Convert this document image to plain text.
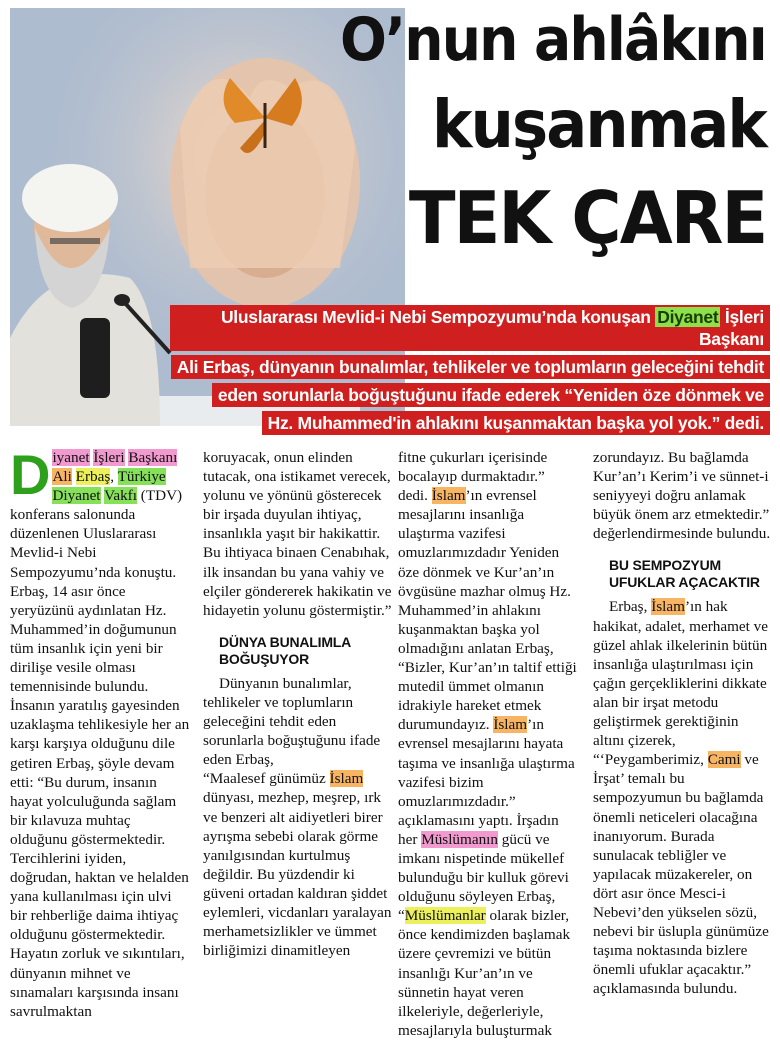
O’nun ahlâkını
kuşanmak
TEK ÇARE
Uluslararası Mevlid-i Nebi Sempozyumu’nda konuşan Diyanet İşleri Başkanı
Ali Erbaş, dünyanın bunalımlar, tehlikeler ve toplumların geleceğini tehdit
eden sorunlarla boğuştuğunu ifade ederek “Yeniden öze dönmek ve
Hz. Muhammed'in ahlakını kuşanmaktan başka yol yok.” dedi.

Diyanet İşleri Başkanı Ali Erbaş, Türkiye Diyanet Vakfı (TDV) konferans salonunda düzenlenen Uluslararası Mevlid-i Nebi Sempozyumu’nda konuştu. Erbaş, 14 asır önce yeryüzünü aydınlatan Hz. Muhammed’in doğumunun tüm insanlık için yeni bir dirilişe vesile olması temennisinde bulundu. İnsanın yaratılış gayesinden uzaklaşma tehlikesiyle her an karşı karşıya olduğunu dile getiren Erbaş, şöyle devam etti: “Bu durum, insanın hayat yolculuğunda sağlam bir kılavuza muhtaç olduğunu göstermektedir. Tercihlerini iyiden, doğrudan, haktan ve helalden yana kullanılması için ulvi bir rehberliğe daima ihtiyaç olduğunu göstermektedir. Hayatın zorluk ve sıkıntıları, dünyanın mihnet ve sınamaları karşısında insanı savrulmaktan

koruyacak, onun elinden tutacak, ona istikamet verecek, yolunu ve yönünü gösterecek bir irşada duyulan ihtiyaç, insanlıkla yaşıt bir hakikattir. Bu ihtiyaca binaen Cenabıhak, ilk insandan bu yana vahiy ve elçiler göndererek hakikatin ve hidayetin yolunu göstermiştir.”

DÜNYA BUNALIMLA
BOĞUŞUYOR

Dünyanın bunalımlar, tehlikeler ve toplumların geleceğini tehdit eden sorunlarla boğuştuğunu ifade eden Erbaş,

“Maalesef günümüz İslam dünyası, mezhep, meşrep, ırk ve benzeri alt aidiyetleri birer ayrışma sebebi olarak görme yanılgısından kurtulmuş değildir. Bu yüzdendir ki güveni ortadan kaldıran şiddet eylemleri, vicdanları yaralayan merhametsizlikler ve ümmet birliğimizi dinamitleyen

fitne çukurları içerisinde bocalayıp durmaktadır.” dedi. İslam’ın evrensel mesajlarını insanlığa ulaştırma vazifesi omuzlarımızdadır Yeniden öze dönmek ve Kur’an’ın övgüsüne mazhar olmuş Hz. Muhammed’in ahlakını kuşanmaktan başka yol olmadığını anlatan Erbaş, “Bizler, Kur’an’ın taltif ettiği mutedil ümmet olmanın idrakiyle hareket etmek durumundayız. İslam’ın evrensel mesajlarını hayata taşıma ve insanlığa ulaştırma vazifesi bizim omuzlarımızdadır.” açıklamasını yaptı. İrşadın her Müslümanın gücü ve imkanı nispetinde mükellef bulunduğu bir kulluk görevi olduğunu söyleyen Erbaş, “Müslümanlar olarak bizler, önce kendimizden başlamak üzere çevremizi ve bütün insanlığı Kur’an’ın ve sünnetin hayat veren ilkeleriyle, değerleriyle, mesajlarıyla buluşturmak

zorundayız. Bu bağlamda Kur’an’ı Kerim’i ve sünnet-i seniyyeyi doğru anlamak büyük önem arz etmektedir.” değerlendirmesinde bulundu.

BU SEMPOZYUM
UFUKLAR AÇACAKTIR

Erbaş, İslam’ın hak hakikat, adalet, merhamet ve güzel ahlak ilkelerinin bütün insanlığa ulaştırılması için çağın gerçekliklerini dikkate alan bir irşat metodu geliştirmek gerektiğinin altını çizerek, “‘Peygamberimiz, Cami ve İrşat’ temalı bu sempozyumun bu bağlamda önemli neticeleri olacağına inanıyorum. Burada sunulacak tebliğler ve yapılacak müzakereler, on dört asır önce Mesci-i Nebevi’den yükselen sözü, nebevi bir üslupla günümüze taşıma noktasında bizlere önemli ufuklar açacaktır.” açıklamasında bulundu.
